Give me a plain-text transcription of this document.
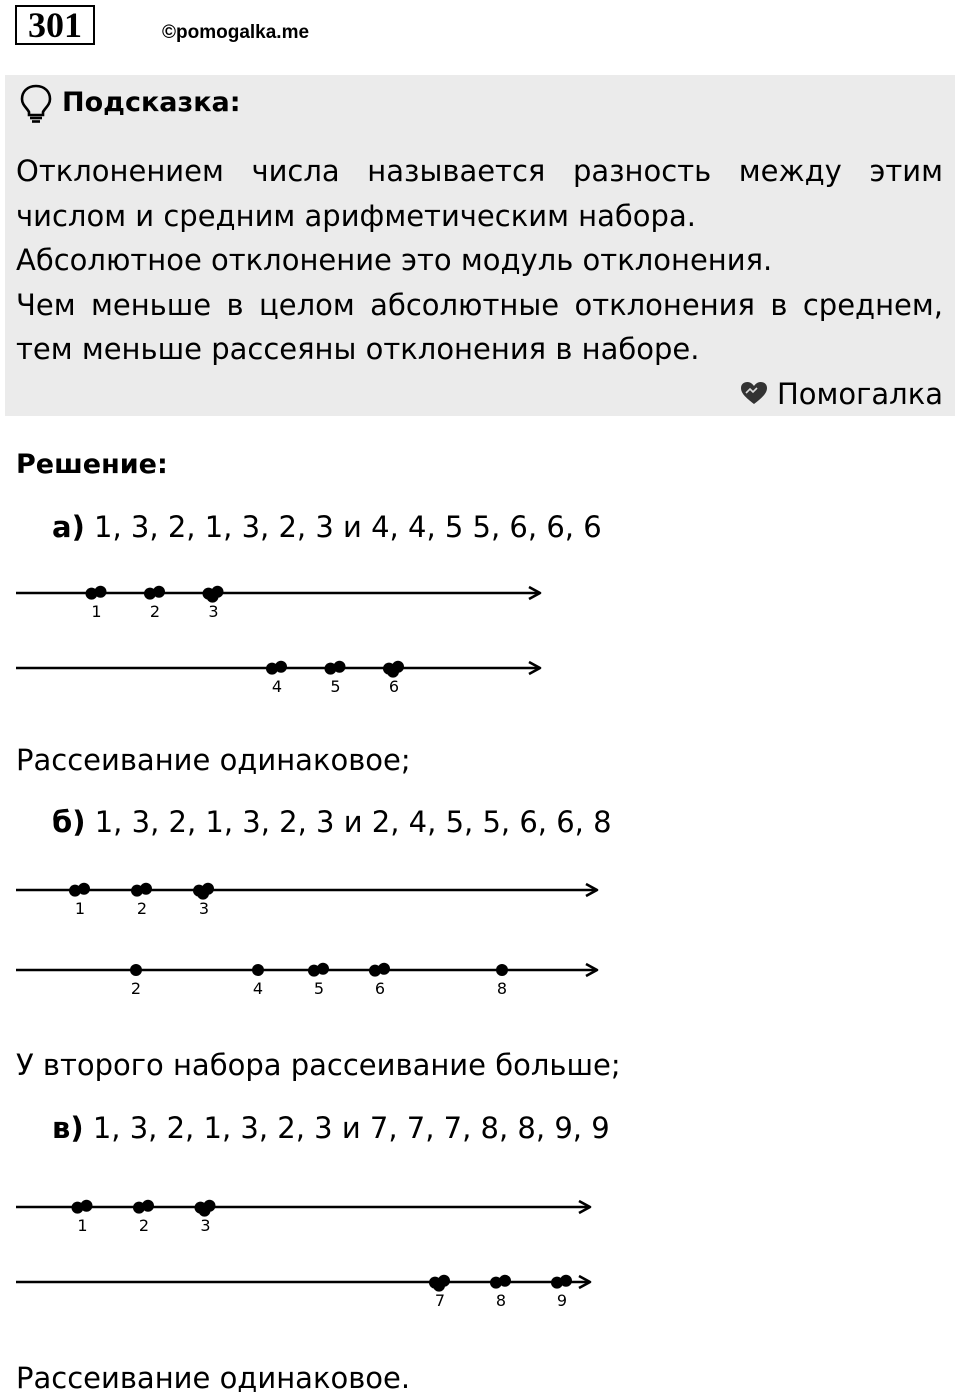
301	©pomogalka.me
Подсказка:

Отклонением числа называется разность между этим числом и средним арифметическим набора.

Абсолютное отклонение это модуль отклонения.

Чем меньше в целом абсолютные отклонения в среднем, тем меньше рассеяны отклонения в наборе.

Помогалка
Решение:
а) 1, 3, 2, 1, 3, 2, 3 и 4, 4, 5 5, 6, 6, 6
Рассеивание одинаковое;
б) 1, 3, 2, 1, 3, 2, 3 и 2, 4, 5, 5, 6, 6, 8
У второго набора рассеивание больше;
в) 1, 3, 2, 1, 3, 2, 3 и 7, 7, 7, 8, 8, 9, 9
Рассеивание одинаковое.
1	2	3
4	5	6
1	2	3
2	4	5	6	8
1	2	3
7	8	9
